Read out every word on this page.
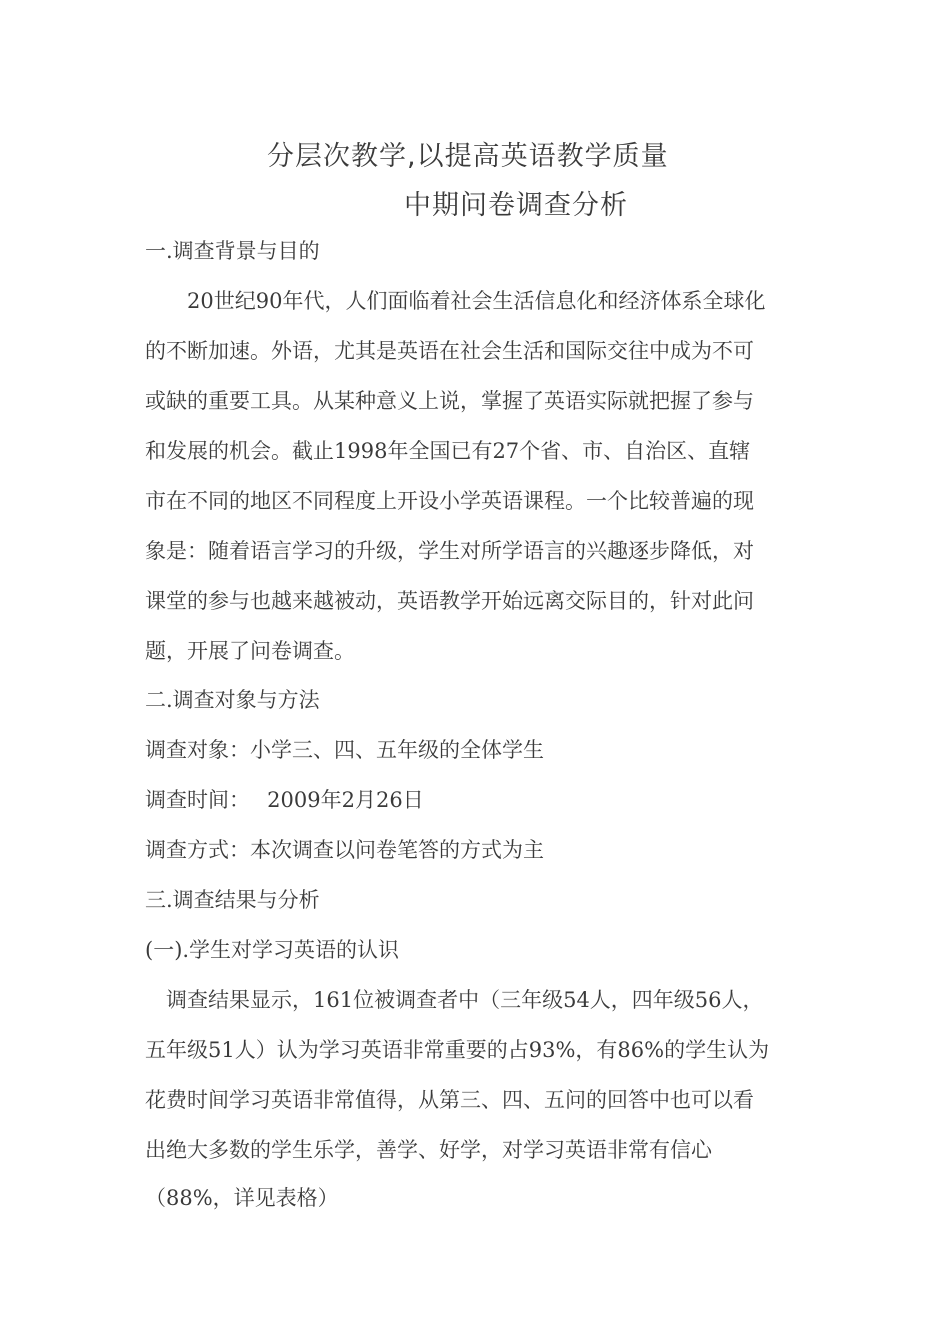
分层次教学,以提高英语教学质量
中期问卷调查分析
一.调查背景与目的
　　20世纪90年代，人们面临着社会生活信息化和经济体系全球化
的不断加速。外语，尤其是英语在社会生活和国际交往中成为不可
或缺的重要工具。从某种意义上说，掌握了英语实际就把握了参与
和发展的机会。截止1998年全国已有27个省、市、自治区、直辖
市在不同的地区不同程度上开设小学英语课程。一个比较普遍的现
象是：随着语言学习的升级，学生对所学语言的兴趣逐步降低，对
课堂的参与也越来越被动，英语教学开始远离交际目的，针对此问
题，开展了问卷调查。
二.调查对象与方法
调查对象：小学三、四、五年级的全体学生
调查时间：　 2009年2月26日
调查方式：本次调查以问卷笔答的方式为主
三.调查结果与分析
(一).学生对学习英语的认识
　调查结果显示，161位被调查者中（三年级54人，四年级56人，
五年级51人）认为学习英语非常重要的占93%，有86%的学生认为
花费时间学习英语非常值得，从第三、四、五问的回答中也可以看
出绝大多数的学生乐学，善学、好学，对学习英语非常有信心
（88%，详见表格）
